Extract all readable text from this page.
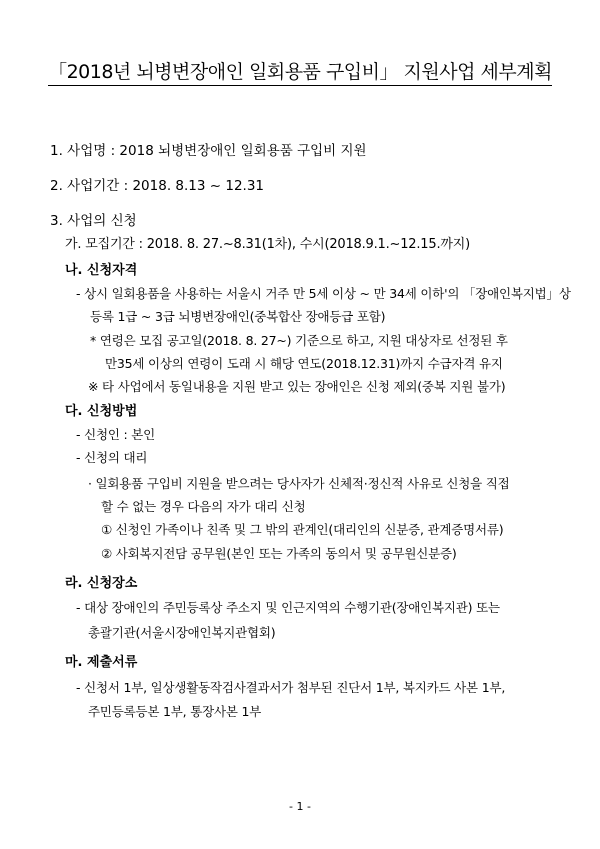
「2018년 뇌병변장애인 일회용품 구입비」 지원사업 세부계획
1. 사업명 : 2018 뇌병변장애인 일회용품 구입비 지원
2. 사업기간 : 2018. 8.13 ~ 12.31
3. 사업의 신청
가. 모집기간 : 2018. 8. 27.~8.31(1차), 수시(2018.9.1.~12.15.까지)
나. 신청자격
- 상시 일회용품을 사용하는 서울시 거주 만 5세 이상 ~ 만 34세 이하'의 「장애인복지법」상
등록 1급 ~ 3급 뇌병변장애인(중복합산 장애등급 포함)
* 연령은 모집 공고일(2018. 8. 27~) 기준으로 하고, 지원 대상자로 선정된 후
만35세 이상의 연령이 도래 시 해당 연도(2018.12.31)까지 수급자격 유지
※ 타 사업에서 동일내용을 지원 받고 있는 장애인은 신청 제외(중복 지원 불가)
다. 신청방법
- 신청인 : 본인
- 신청의 대리
· 일회용품 구입비 지원을 받으려는 당사자가 신체적·정신적 사유로 신청을 직접
할 수 없는 경우 다음의 자가 대리 신청
① 신청인 가족이나 친족 및 그 밖의 관계인(대리인의 신분증, 관계증명서류)
② 사회복지전담 공무원(본인 또는 가족의 동의서 및 공무원신분증)
라. 신청장소
- 대상 장애인의 주민등록상 주소지 및 인근지역의 수행기관(장애인복지관) 또는
총괄기관(서울시장애인복지관협회)
마. 제출서류
- 신청서 1부, 일상생활동작검사결과서가 첨부된 진단서 1부, 복지카드 사본 1부,
주민등록등본 1부, 통장사본 1부
- 1 -
